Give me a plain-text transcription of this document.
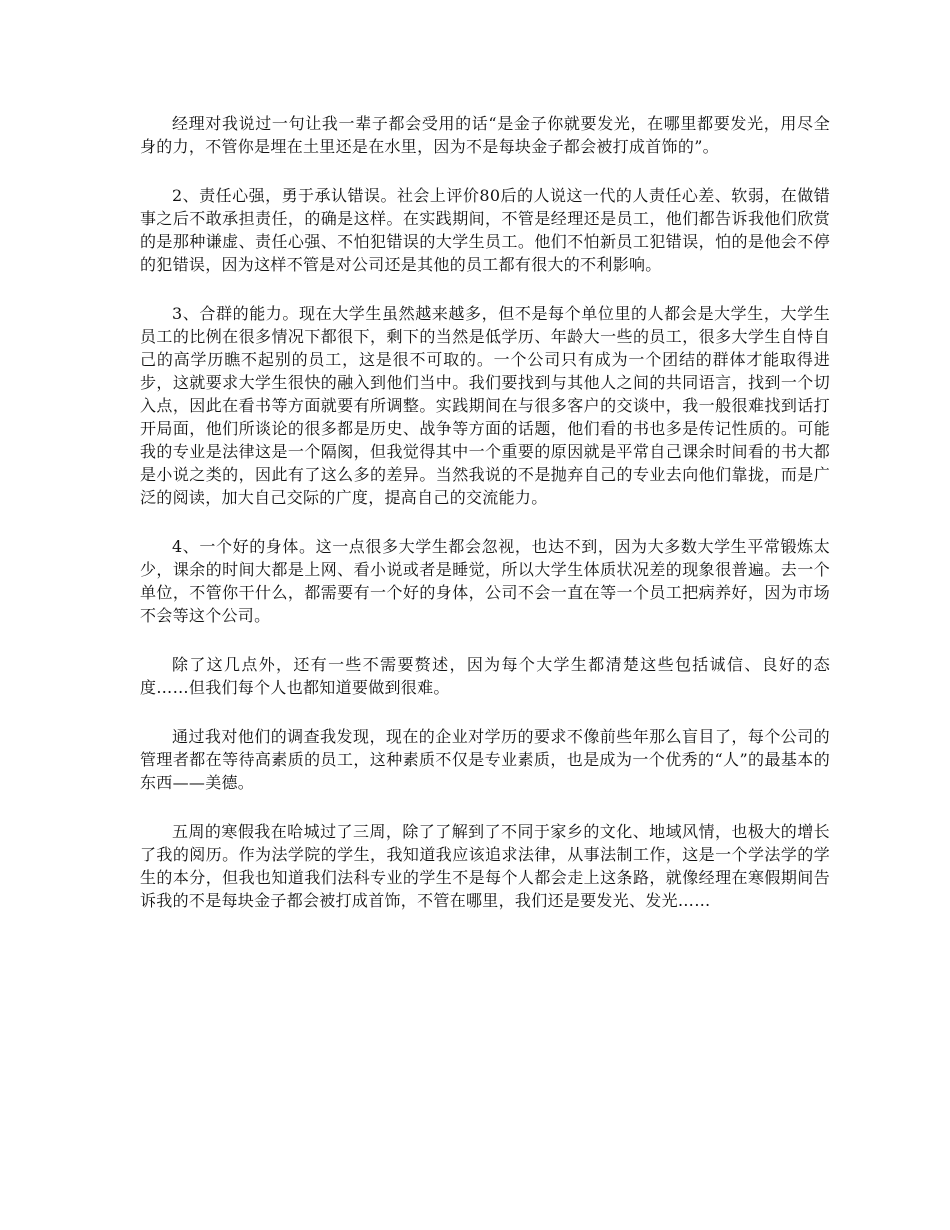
经理对我说过一句让我一辈子都会受用的话“是金子你就要发光，在哪里都要发光，用尽全身的力，不管你是埋在土里还是在水里，因为不是每块金子都会被打成首饰的”。

2、责任心强，勇于承认错误。社会上评价80后的人说这一代的人责任心差、软弱，在做错事之后不敢承担责任，的确是这样。在实践期间，不管是经理还是员工，他们都告诉我他们欣赏的是那种谦虚、责任心强、不怕犯错误的大学生员工。他们不怕新员工犯错误，怕的是他会不停的犯错误，因为这样不管是对公司还是其他的员工都有很大的不利影响。

3、合群的能力。现在大学生虽然越来越多，但不是每个单位里的人都会是大学生，大学生员工的比例在很多情况下都很下，剩下的当然是低学历、年龄大一些的员工，很多大学生自恃自己的高学历瞧不起别的员工，这是很不可取的。一个公司只有成为一个团结的群体才能取得进步，这就要求大学生很快的融入到他们当中。我们要找到与其他人之间的共同语言，找到一个切入点，因此在看书等方面就要有所调整。实践期间在与很多客户的交谈中，我一般很难找到话打开局面，他们所谈论的很多都是历史、战争等方面的话题，他们看的书也多是传记性质的。可能我的专业是法律这是一个隔阂，但我觉得其中一个重要的原因就是平常自己课余时间看的书大都是小说之类的，因此有了这么多的差异。当然我说的不是抛弃自己的专业去向他们靠拢，而是广泛的阅读，加大自己交际的广度，提高自己的交流能力。

4、一个好的身体。这一点很多大学生都会忽视，也达不到，因为大多数大学生平常锻炼太少，课余的时间大都是上网、看小说或者是睡觉，所以大学生体质状况差的现象很普遍。去一个单位，不管你干什么，都需要有一个好的身体，公司不会一直在等一个员工把病养好，因为市场不会等这个公司。

除了这几点外，还有一些不需要赘述，因为每个大学生都清楚这些包括诚信、良好的态度……但我们每个人也都知道要做到很难。

通过我对他们的调查我发现，现在的企业对学历的要求不像前些年那么盲目了，每个公司的管理者都在等待高素质的员工，这种素质不仅是专业素质，也是成为一个优秀的“人”的最基本的东西——美德。

五周的寒假我在哈城过了三周，除了了解到了不同于家乡的文化、地域风情，也极大的增长了我的阅历。作为法学院的学生，我知道我应该追求法律，从事法制工作，这是一个学法学的学生的本分，但我也知道我们法科专业的学生不是每个人都会走上这条路，就像经理在寒假期间告诉我的不是每块金子都会被打成首饰，不管在哪里，我们还是要发光、发光……
